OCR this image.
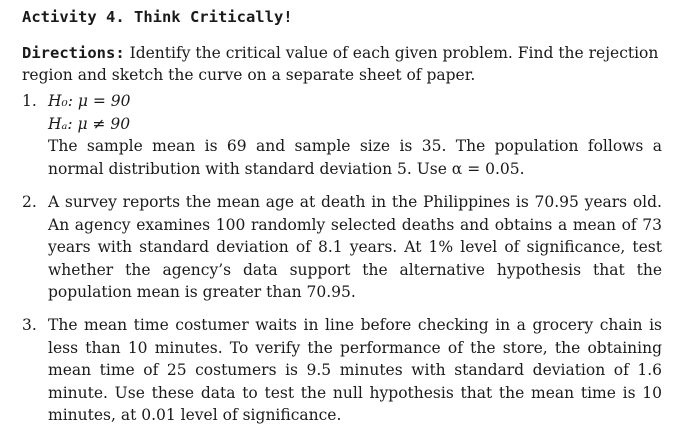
Activity 4. Think Critically!
Directions: Identify the critical value of each given problem. Find the rejection region and sketch the curve on a separate sheet of paper.
1. H₀: μ = 90
Hₐ: μ ≠ 90
The sample mean is 69 and sample size is 35. The population follows a normal distribution with standard deviation 5. Use α = 0.05.
2. A survey reports the mean age at death in the Philippines is 70.95 years old. An agency examines 100 randomly selected deaths and obtains a mean of 73 years with standard deviation of 8.1 years. At 1% level of significance, test whether the agency’s data support the alternative hypothesis that the population mean is greater than 70.95.
3. The mean time costumer waits in line before checking in a grocery chain is less than 10 minutes. To verify the performance of the store, the obtaining mean time of 25 costumers is 9.5 minutes with standard deviation of 1.6 minute. Use these data to test the null hypothesis that the mean time is 10 minutes, at 0.01 level of significance.
